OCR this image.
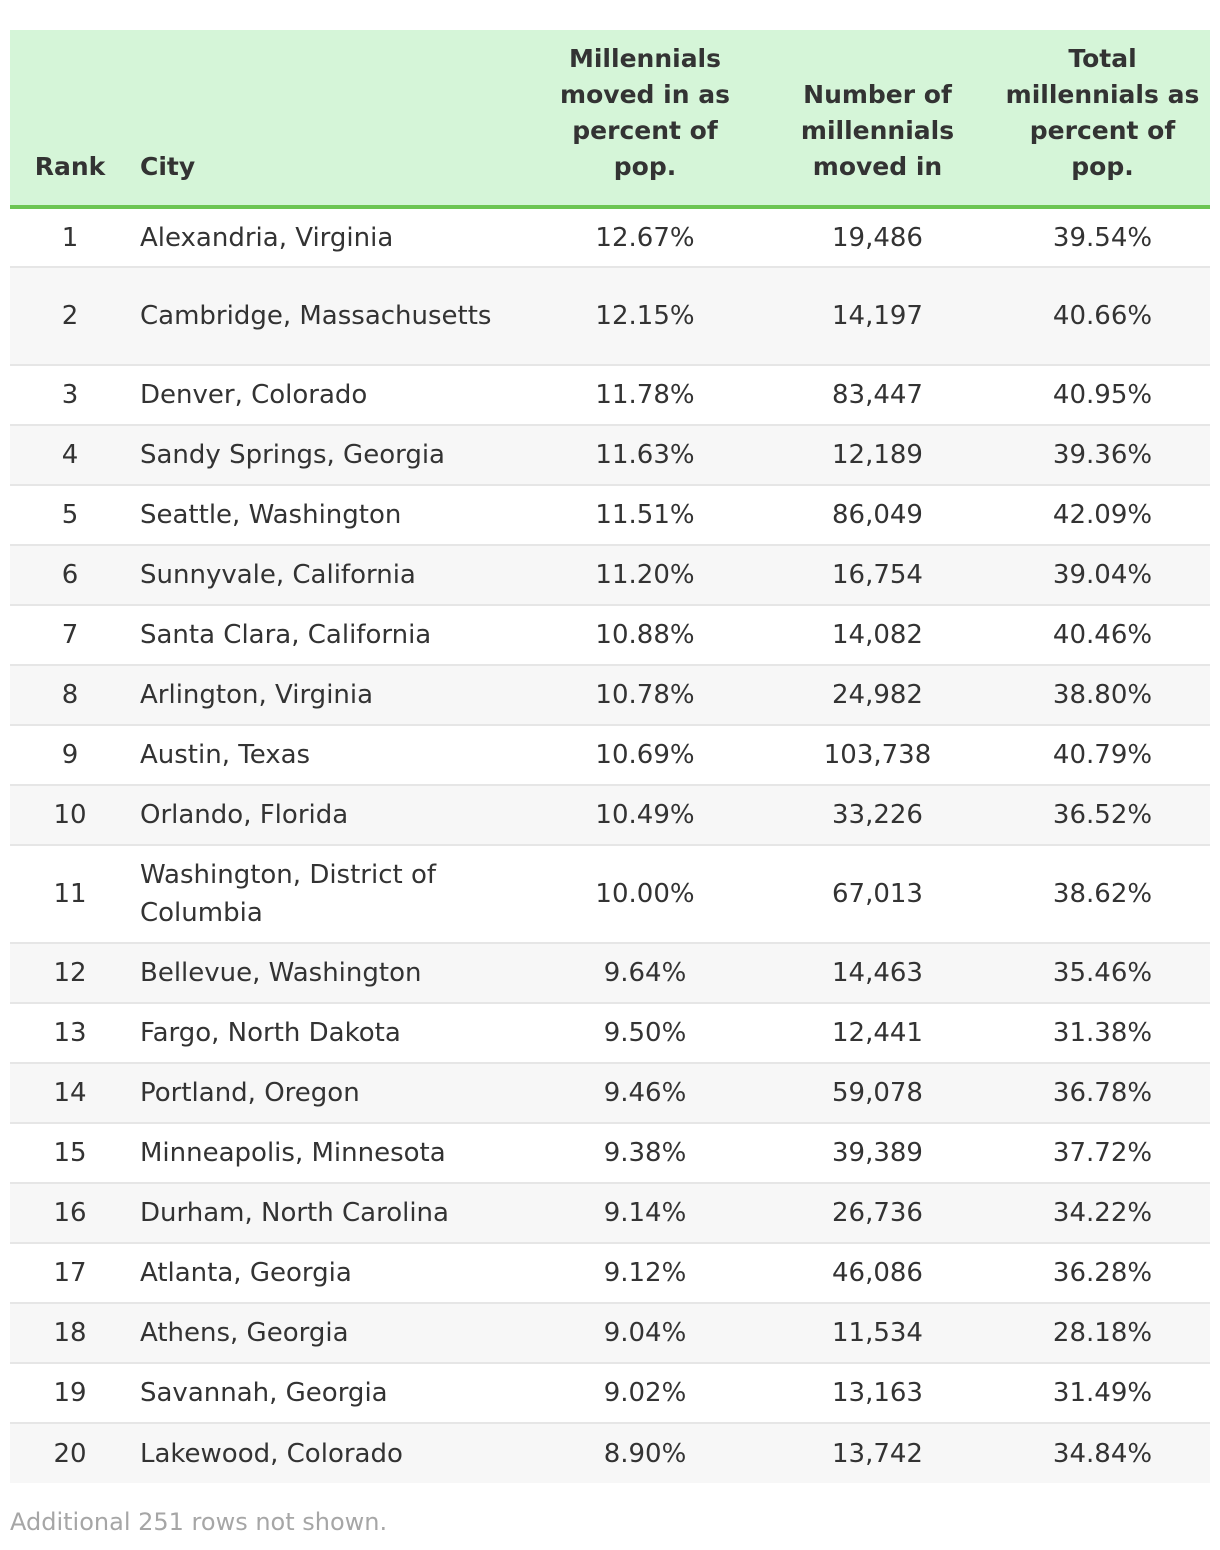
Rank	City	Millennials moved in as percent of pop.	Number of millennials moved in	Total millennials as percent of pop.
1	Alexandria, Virginia	12.67%	19,486	39.54%
2	Cambridge, Massachusetts	12.15%	14,197	40.66%
3	Denver, Colorado	11.78%	83,447	40.95%
4	Sandy Springs, Georgia	11.63%	12,189	39.36%
5	Seattle, Washington	11.51%	86,049	42.09%
6	Sunnyvale, California	11.20%	16,754	39.04%
7	Santa Clara, California	10.88%	14,082	40.46%
8	Arlington, Virginia	10.78%	24,982	38.80%
9	Austin, Texas	10.69%	103,738	40.79%
10	Orlando, Florida	10.49%	33,226	36.52%
11	Washington, District of Columbia	10.00%	67,013	38.62%
12	Bellevue, Washington	9.64%	14,463	35.46%
13	Fargo, North Dakota	9.50%	12,441	31.38%
14	Portland, Oregon	9.46%	59,078	36.78%
15	Minneapolis, Minnesota	9.38%	39,389	37.72%
16	Durham, North Carolina	9.14%	26,736	34.22%
17	Atlanta, Georgia	9.12%	46,086	36.28%
18	Athens, Georgia	9.04%	11,534	28.18%
19	Savannah, Georgia	9.02%	13,163	31.49%
20	Lakewood, Colorado	8.90%	13,742	34.84%
Additional 251 rows not shown.
